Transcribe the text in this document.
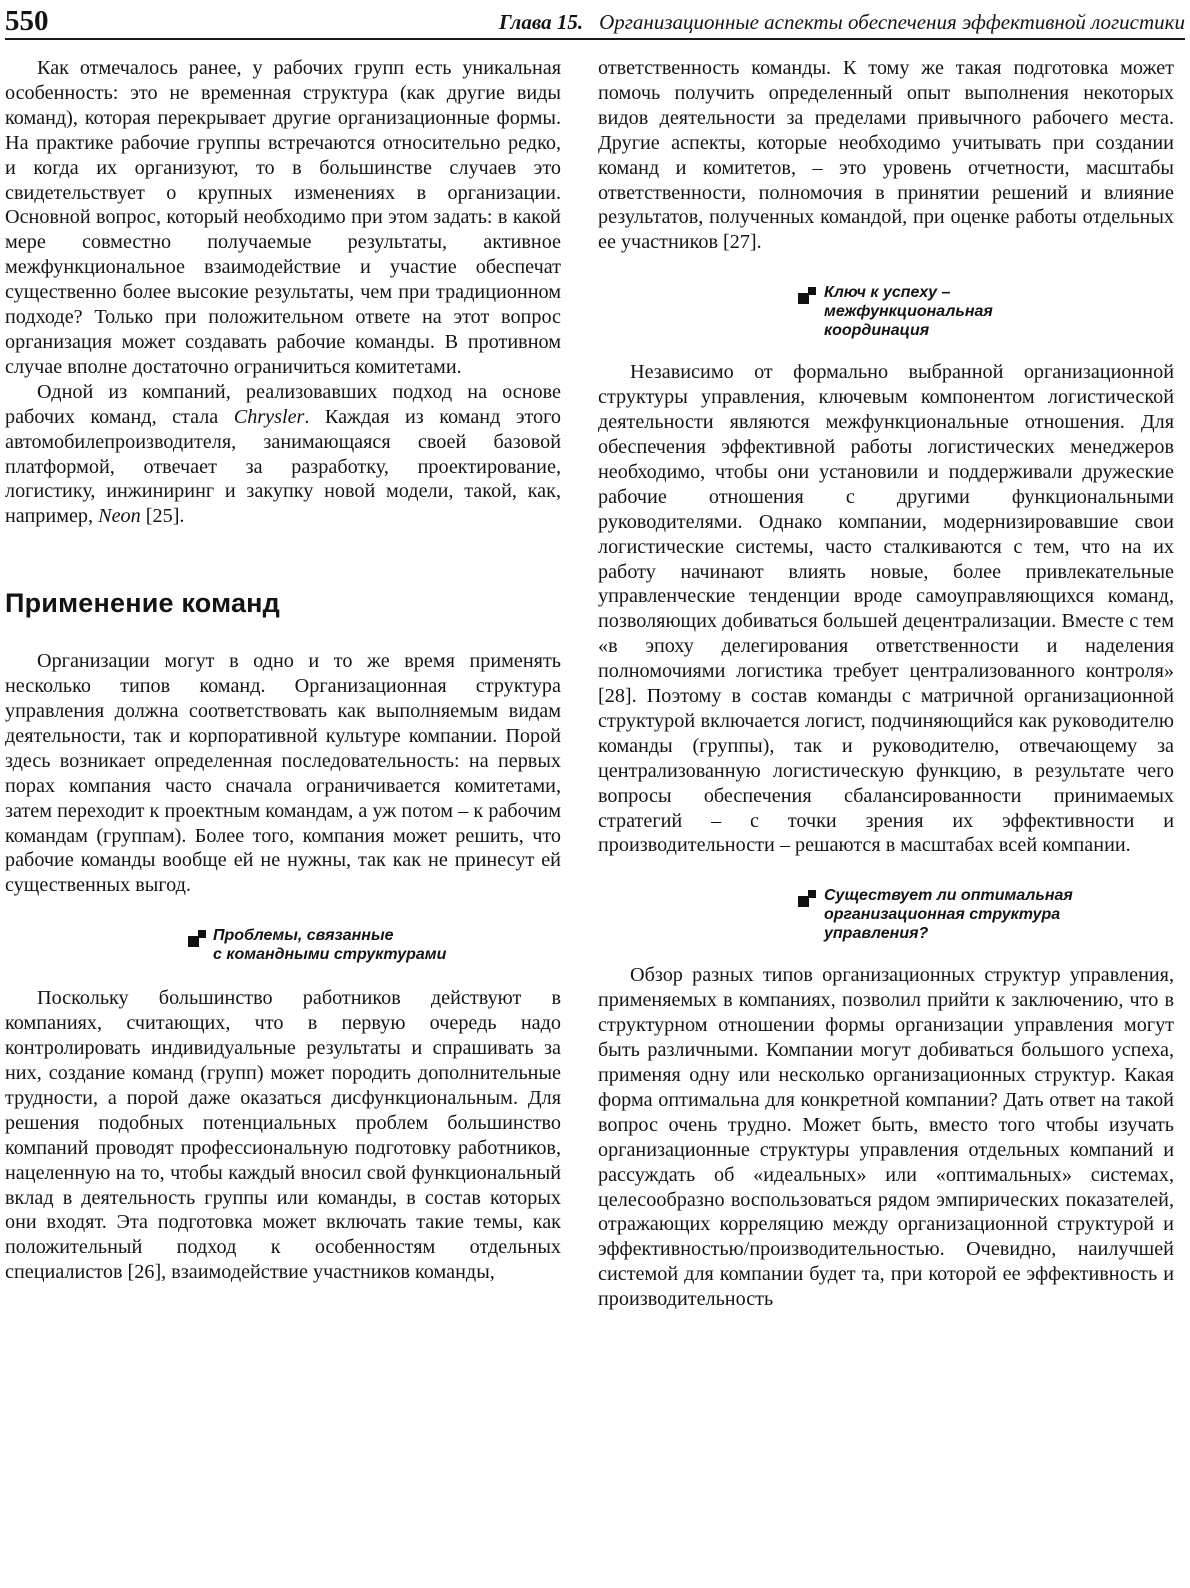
550	Глава 15. Организационные аспекты обеспечения эффективной логистики

Как отмечалось ранее, у рабочих групп есть уникальная особенность: это не временная структура (как другие виды команд), которая перекрывает другие организационные формы. На практике рабочие группы встречаются относительно редко, и когда их организуют, то в большинстве случаев это свидетельствует о крупных изменениях в организации. Основной вопрос, который необходимо при этом задать: в какой мере совместно получаемые результаты, активное межфункциональное взаимодействие и участие обеспечат существенно более высокие результаты, чем при традиционном подходе? Только при положительном ответе на этот вопрос организация может создавать рабочие команды. В противном случае вполне достаточно ограничиться комитетами.

Одной из компаний, реализовавших подход на основе рабочих команд, стала Chrysler. Каждая из команд этого автомобилепроизводителя, занимающаяся своей базовой платформой, отвечает за разработку, проектирование, логистику, инжиниринг и закупку новой модели, такой, как, например, Neon [25].

Применение команд

Организации могут в одно и то же время применять несколько типов команд. Организационная структура управления должна соответствовать как выполняемым видам деятельности, так и корпоративной культуре компании. Порой здесь возникает определенная последовательность: на первых порах компания часто сначала ограничивается комитетами, затем переходит к проектным командам, а уж потом – к рабочим командам (группам). Более того, компания может решить, что рабочие команды вообще ей не нужны, так как не принесут ей существенных выгод.

Проблемы, связанные
с командными структурами

Поскольку большинство работников действуют в компаниях, считающих, что в первую очередь надо контролировать индивидуальные результаты и спрашивать за них, создание команд (групп) может породить дополнительные трудности, а порой даже оказаться дисфункциональным. Для решения подобных потенциальных проблем большинство компаний проводят профессиональную подготовку работников, нацеленную на то, чтобы каждый вносил свой функциональный вклад в деятельность группы или команды, в состав которых они входят. Эта подготовка может включать такие темы, как положительный подход к особенностям отдельных специалистов [26], взаимодействие участников команды,

ответственность команды. К тому же такая подготовка может помочь получить определенный опыт выполнения некоторых видов деятельности за пределами привычного рабочего места. Другие аспекты, которые необходимо учитывать при создании команд и комитетов, – это уровень отчетности, масштабы ответственности, полномочия в принятии решений и влияние результатов, полученных командой, при оценке работы отдельных ее участников [27].

Ключ к успеху –
межфункциональная
координация

Независимо от формально выбранной организационной структуры управления, ключевым компонентом логистической деятельности являются межфункциональные отношения. Для обеспечения эффективной работы логистических менеджеров необходимо, чтобы они установили и поддерживали дружеские рабочие отношения с другими функциональными руководителями. Однако компании, модернизировавшие свои логистические системы, часто сталкиваются с тем, что на их работу начинают влиять новые, более привлекательные управленческие тенденции вроде самоуправляющихся команд, позволяющих добиваться большей децентрализации. Вместе с тем «в эпоху делегирования ответственности и наделения полномочиями логистика требует централизованного контроля» [28]. Поэтому в состав команды с матричной организационной структурой включается логист, подчиняющийся как руководителю команды (группы), так и руководителю, отвечающему за централизованную логистическую функцию, в результате чего вопросы обеспечения сбалансированности принимаемых стратегий – с точки зрения их эффективности и производительности – решаются в масштабах всей компании.

Существует ли оптимальная
организационная структура
управления?

Обзор разных типов организационных структур управления, применяемых в компаниях, позволил прийти к заключению, что в структурном отношении формы организации управления могут быть различными. Компании могут добиваться большого успеха, применяя одну или несколько организационных структур. Какая форма оптимальна для конкретной компании? Дать ответ на такой вопрос очень трудно. Может быть, вместо того чтобы изучать организационные структуры управления отдельных компаний и рассуждать об «идеальных» или «оптимальных» системах, целесообразно воспользоваться рядом эмпирических показателей, отражающих корреляцию между организационной структурой и эффективностью/производительностью. Очевидно, наилучшей системой для компании будет та, при которой ее эффективность и производительность
